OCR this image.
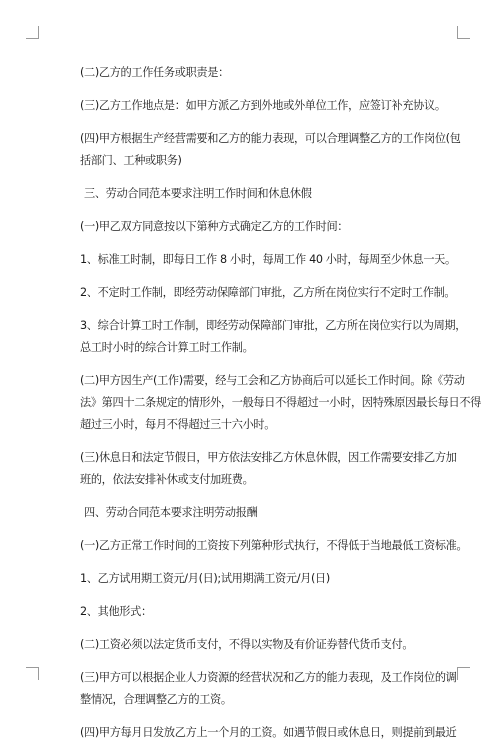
(二)乙方的工作任务或职责是：

(三)乙方工作地点是：如甲方派乙方到外地或外单位工作，应签订补充协议。

(四)甲方根据生产经营需要和乙方的能力表现，可以合理调整乙方的工作岗位(包

括部门、工种或职务)

三、劳动合同范本要求注明工作时间和休息休假

(一)甲乙双方同意按以下第种方式确定乙方的工作时间：

1、标准工时制，即每日工作 8 小时，每周工作 40 小时，每周至少休息一天。

2、不定时工作制，即经劳动保障部门审批，乙方所在岗位实行不定时工作制。

3、综合计算工时工作制，即经劳动保障部门审批，乙方所在岗位实行以为周期，

总工时小时的综合计算工时工作制。

(二)甲方因生产(工作)需要，经与工会和乙方协商后可以延长工作时间。除《劳动

法》第四十二条规定的情形外，一般每日不得超过一小时，因特殊原因最长每日不得

超过三小时，每月不得超过三十六小时。

(三)休息日和法定节假日，甲方依法安排乙方休息休假，因工作需要安排乙方加

班的，依法安排补休或支付加班费。

四、劳动合同范本要求注明劳动报酬

(一)乙方正常工作时间的工资按下列第种形式执行，不得低于当地最低工资标准。

1、乙方试用期工资元/月(日);试用期满工资元/月(日)

2、其他形式：

(二)工资必须以法定货币支付，不得以实物及有价证券替代货币支付。

(三)甲方可以根据企业人力资源的经营状况和乙方的能力表现，及工作岗位的调

整情况，合理调整乙方的工资。

(四)甲方每月日发放乙方上一个月的工资。如遇节假日或休息日，则提前到最近
